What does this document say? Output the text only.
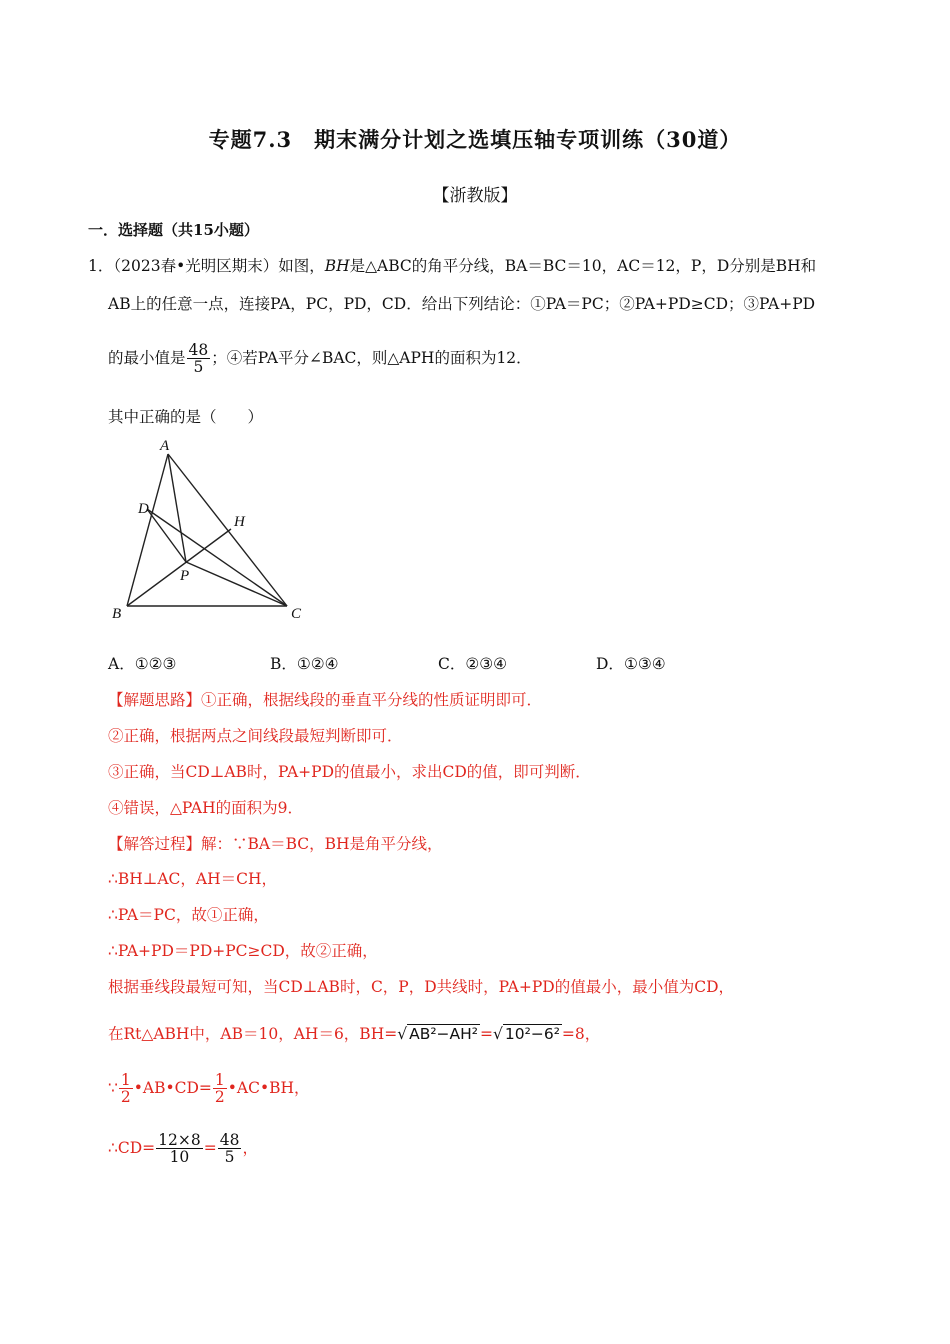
专题7.3　期末满分计划之选填压轴专项训练（30道）
【浙教版】
一．选择题（共15小题）
1．（2023春•光明区期末）如图，BH是△ABC的角平分线，BA＝BC＝10，AC＝12，P，D分别是BH和
AB上的任意一点，连接PA，PC，PD，CD．给出下列结论：①PA＝PC；②PA+PD≥CD；③PA+PD
的最小值是 $\frac{48}{5}$ ；④若PA平分∠BAC，则△APH的面积为12．
其中正确的是（　　）
A
B	C
D
H
P
A．①②③	B．①②④	C．②③④	D．①③④
【解题思路】①正确，根据线段的垂直平分线的性质证明即可．
②正确，根据两点之间线段最短判断即可．
③正确，当CD⊥AB时，PA+PD的值最小，求出CD的值，即可判断．
④错误，△PAH的面积为9．
【解答过程】解：∵BA＝BC，BH是角平分线，
∴BH⊥AC，AH＝CH，
∴PA＝PC，故①正确，
∴PA+PD＝PD+PC≥CD，故②正确，
根据垂线段最短可知，当CD⊥AB时，C，P，D共线时，PA+PD的值最小，最小值为CD，
在Rt△ABH中，AB＝10，AH＝6，BH=√ AB²−AH² =√ 10²−6² =8，
∵ $\frac{1}{2}$ •AB•CD= $\frac{1}{2}$ •AC•BH，
∴CD= $\frac{12\times 8}{10} = \frac{48}{5}$ ，
